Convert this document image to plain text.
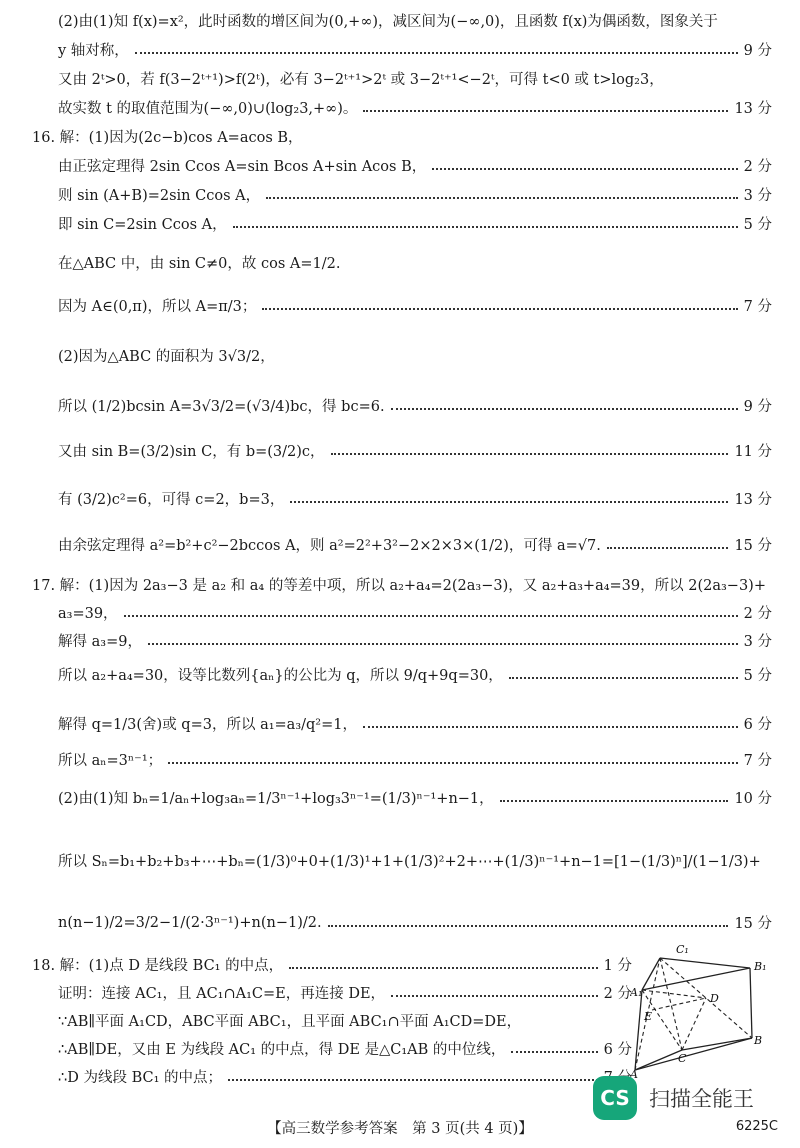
(2)由(1)知 f(x)=x²，此时函数的增区间为(0,+∞)，减区间为(−∞,0)，且函数 f(x)为偶函数，图象关于
y 轴对称，	9 分
又由 2ᵗ>0，若 f(3−2ᵗ⁺¹)>f(2ᵗ)，必有 3−2ᵗ⁺¹>2ᵗ 或 3−2ᵗ⁺¹<−2ᵗ，可得 t<0 或 t>log₂3，
故实数 t 的取值范围为(−∞,0)∪(log₂3,+∞)。	13 分
16. 解：(1)因为(2c−b)cos A=acos B，
由正弦定理得 2sin Ccos A=sin Bcos A+sin Acos B，	2 分
则 sin (A+B)=2sin Ccos A，	3 分
即 sin C=2sin Ccos A，	5 分
在△ABC 中，由 sin C≠0，故 cos A=1/2.
因为 A∈(0,π)，所以 A=π/3；	7 分
(2)因为△ABC 的面积为 3√3/2，
所以 (1/2)bcsin A=3√3/2=(√3/4)bc，得 bc=6.	9 分
又由 sin B=(3/2)sin C，有 b=(3/2)c，	11 分
有 (3/2)c²=6，可得 c=2，b=3，	13 分
由余弦定理得 a²=b²+c²−2bccos A，则 a²=2²+3²−2×2×3×(1/2)，可得 a=√7.	15 分
17. 解：(1)因为 2a₃−3 是 a₂ 和 a₄ 的等差中项，所以 a₂+a₄=2(2a₃−3)，又 a₂+a₃+a₄=39，所以 2(2a₃−3)+
a₃=39，	2 分
解得 a₃=9，	3 分
所以 a₂+a₄=30，设等比数列{aₙ}的公比为 q，所以 9/q+9q=30，	5 分
解得 q=1/3(舍)或 q=3，所以 a₁=a₃/q²=1，	6 分
所以 aₙ=3ⁿ⁻¹；	7 分
(2)由(1)知 bₙ=1/aₙ+log₃aₙ=1/3ⁿ⁻¹+log₃3ⁿ⁻¹=(1/3)ⁿ⁻¹+n−1，	10 分
所以 Sₙ=b₁+b₂+b₃+⋯+bₙ=(1/3)⁰+0+(1/3)¹+1+(1/3)²+2+⋯+(1/3)ⁿ⁻¹+n−1=[1−(1/3)ⁿ]/(1−1/3)+
n(n−1)/2=3/2−1/(2·3ⁿ⁻¹)+n(n−1)/2.	15 分
18. 解：(1)点 D 是线段 BC₁ 的中点，	1 分
证明：连接 AC₁，且 AC₁∩A₁C=E，再连接 DE，	2 分
∵AB∥平面 A₁CD，ABC平面 ABC₁，且平面 ABC₁∩平面 A₁CD=DE，
∴AB∥DE，又由 E 为线段 AC₁ 的中点，得 DE 是△C₁AB 的中位线，	6 分
∴D 为线段 BC₁ 的中点；
C₁
B₁
A₁	D
E
B
C
A
CS 扫描全能王
【高三数学参考答案　第 3 页(共 4 页)】	6225C
